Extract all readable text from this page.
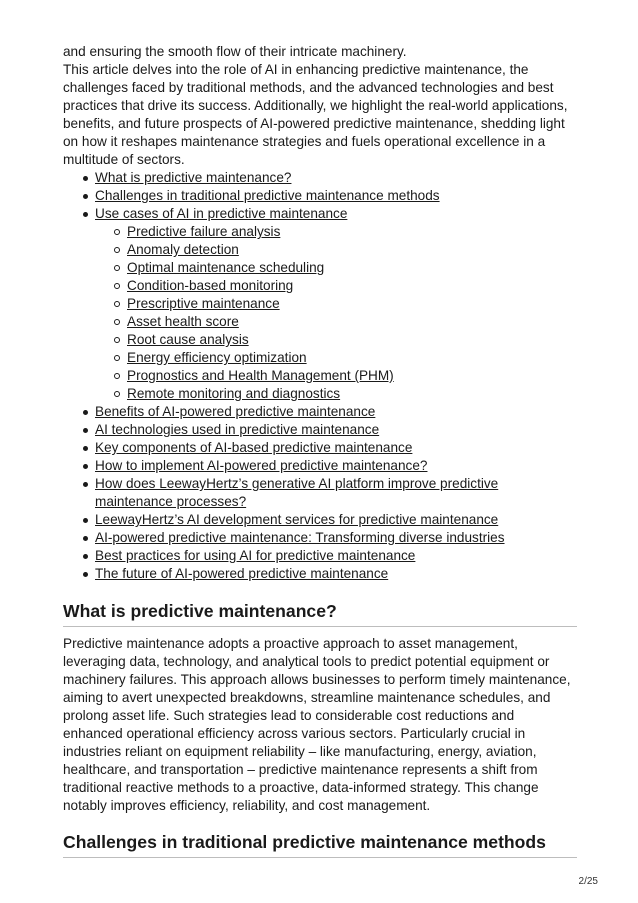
and ensuring the smooth flow of their intricate machinery.

This article delves into the role of AI in enhancing predictive maintenance, the challenges faced by traditional methods, and the advanced technologies and best practices that drive its success. Additionally, we highlight the real-world applications, benefits, and future prospects of AI-powered predictive maintenance, shedding light on how it reshapes maintenance strategies and fuels operational excellence in a multitude of sectors.

What is predictive maintenance?
Challenges in traditional predictive maintenance methods
Use cases of AI in predictive maintenance
Predictive failure analysis
Anomaly detection
Optimal maintenance scheduling
Condition-based monitoring
Prescriptive maintenance
Asset health score
Root cause analysis
Energy efficiency optimization
Prognostics and Health Management (PHM)
Remote monitoring and diagnostics
Benefits of AI-powered predictive maintenance
AI technologies used in predictive maintenance
Key components of AI-based predictive maintenance
How to implement AI-powered predictive maintenance?
How does LeewayHertz’s generative AI platform improve predictive maintenance processes?
LeewayHertz’s AI development services for predictive maintenance
AI-powered predictive maintenance: Transforming diverse industries
Best practices for using AI for predictive maintenance
The future of AI-powered predictive maintenance
What is predictive maintenance?

Predictive maintenance adopts a proactive approach to asset management, leveraging data, technology, and analytical tools to predict potential equipment or machinery failures. This approach allows businesses to perform timely maintenance, aiming to avert unexpected breakdowns, streamline maintenance schedules, and prolong asset life. Such strategies lead to considerable cost reductions and enhanced operational efficiency across various sectors. Particularly crucial in industries reliant on equipment reliability – like manufacturing, energy, aviation, healthcare, and transportation – predictive maintenance represents a shift from traditional reactive methods to a proactive, data-informed strategy. This change notably improves efficiency, reliability, and cost management.

Challenges in traditional predictive maintenance methods
2/25
